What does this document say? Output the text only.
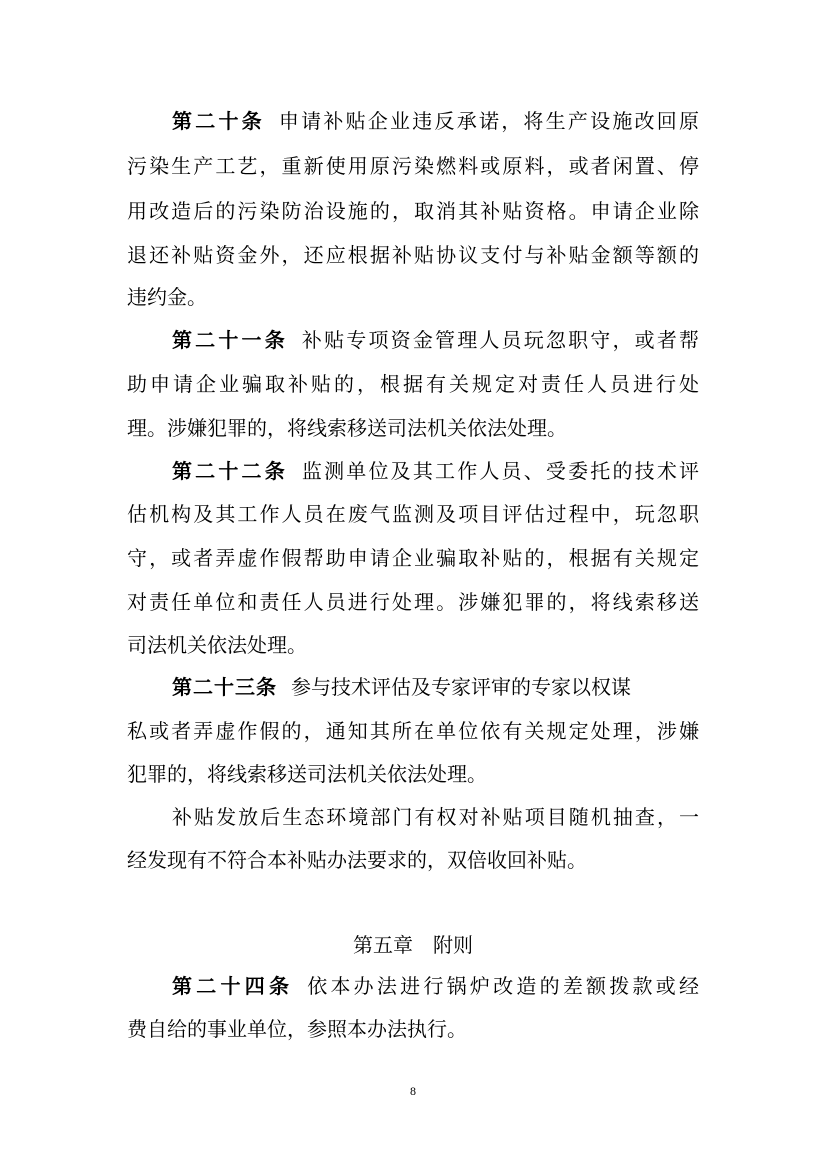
第二十条 申请补贴企业违反承诺，将生产设施改回原

污染生产工艺，重新使用原污染燃料或原料，或者闲置、停

用改造后的污染防治设施的，取消其补贴资格。申请企业除

退还补贴资金外，还应根据补贴协议支付与补贴金额等额的

违约金。

第二十一条 补贴专项资金管理人员玩忽职守，或者帮

助申请企业骗取补贴的，根据有关规定对责任人员进行处

理。涉嫌犯罪的，将线索移送司法机关依法处理。

第二十二条 监测单位及其工作人员、受委托的技术评

估机构及其工作人员在废气监测及项目评估过程中，玩忽职

守，或者弄虚作假帮助申请企业骗取补贴的，根据有关规定

对责任单位和责任人员进行处理。涉嫌犯罪的，将线索移送

司法机关依法处理。

第二十三条 参与技术评估及专家评审的专家以权谋

私或者弄虚作假的，通知其所在单位依有关规定处理，涉嫌

犯罪的，将线索移送司法机关依法处理。

补贴发放后生态环境部门有权对补贴项目随机抽查，一

经发现有不符合本补贴办法要求的，双倍收回补贴。

第五章 附则

第二十四条 依本办法进行锅炉改造的差额拨款或经

费自给的事业单位，参照本办法执行。

8
